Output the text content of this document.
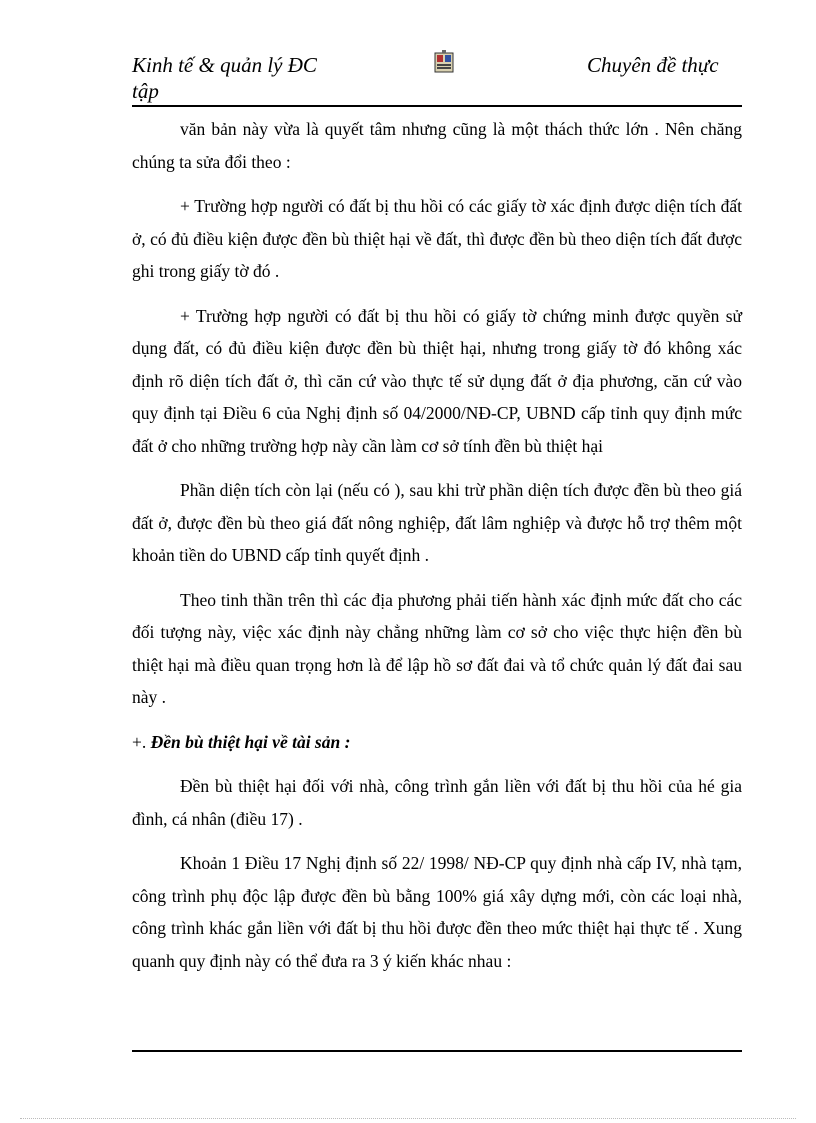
Kinh tế & quản lý ĐC
tập
Chuyên đề thực

văn bản này vừa là quyết tâm nhưng cũng là một thách thức lớn . Nên chăng chúng ta sửa đổi theo :

+ Trường hợp người có đất bị thu hồi có các giấy tờ xác định được diện tích đất ở, có đủ điều kiện được đền bù thiệt hại về đất, thì được đền bù theo diện tích đất được ghi trong giấy tờ đó .

+ Trường hợp người có đất bị thu hồi có giấy tờ chứng minh được quyền sử dụng đất, có đủ điều kiện được đền bù thiệt hại, nhưng trong giấy tờ đó không xác định rõ diện tích đất ở, thì căn cứ vào thực tế sử dụng đất ở địa phương, căn cứ vào quy định tại Điều 6 của Nghị định số 04/2000/NĐ-CP, UBND cấp tỉnh quy định mức đất ở cho những trường hợp này cần làm cơ sở tính đền bù thiệt hại

Phần diện tích còn lại (nếu có ), sau khi trừ phần diện tích được đền bù theo giá đất ở, được đền bù theo giá đất nông nghiệp, đất lâm nghiệp và được hỗ trợ thêm một khoản tiền do UBND cấp tỉnh quyết định .

Theo tinh thần trên thì các địa phương phải tiến hành xác định mức đất cho các đối tượng này, việc xác định này chẳng những làm cơ sở cho việc thực hiện đền bù thiệt hại mà điều quan trọng hơn là để lập hồ sơ đất đai và tổ chức quản lý đất đai sau này .

+. Đền bù thiệt hại về tài sản :

Đền bù thiệt hại đối với nhà, công trình gắn liền với đất bị thu hồi của hé gia đình, cá nhân (điều 17) .

Khoản 1 Điều 17 Nghị định số 22/ 1998/ NĐ-CP quy định nhà cấp IV, nhà tạm, công trình phụ độc lập được đền bù bằng 100% giá xây dựng mới, còn các loại nhà, công trình khác gắn liền với đất bị thu hồi được đền theo mức thiệt hại thực tế . Xung quanh quy định này có thể đưa ra 3 ý kiến khác nhau :
